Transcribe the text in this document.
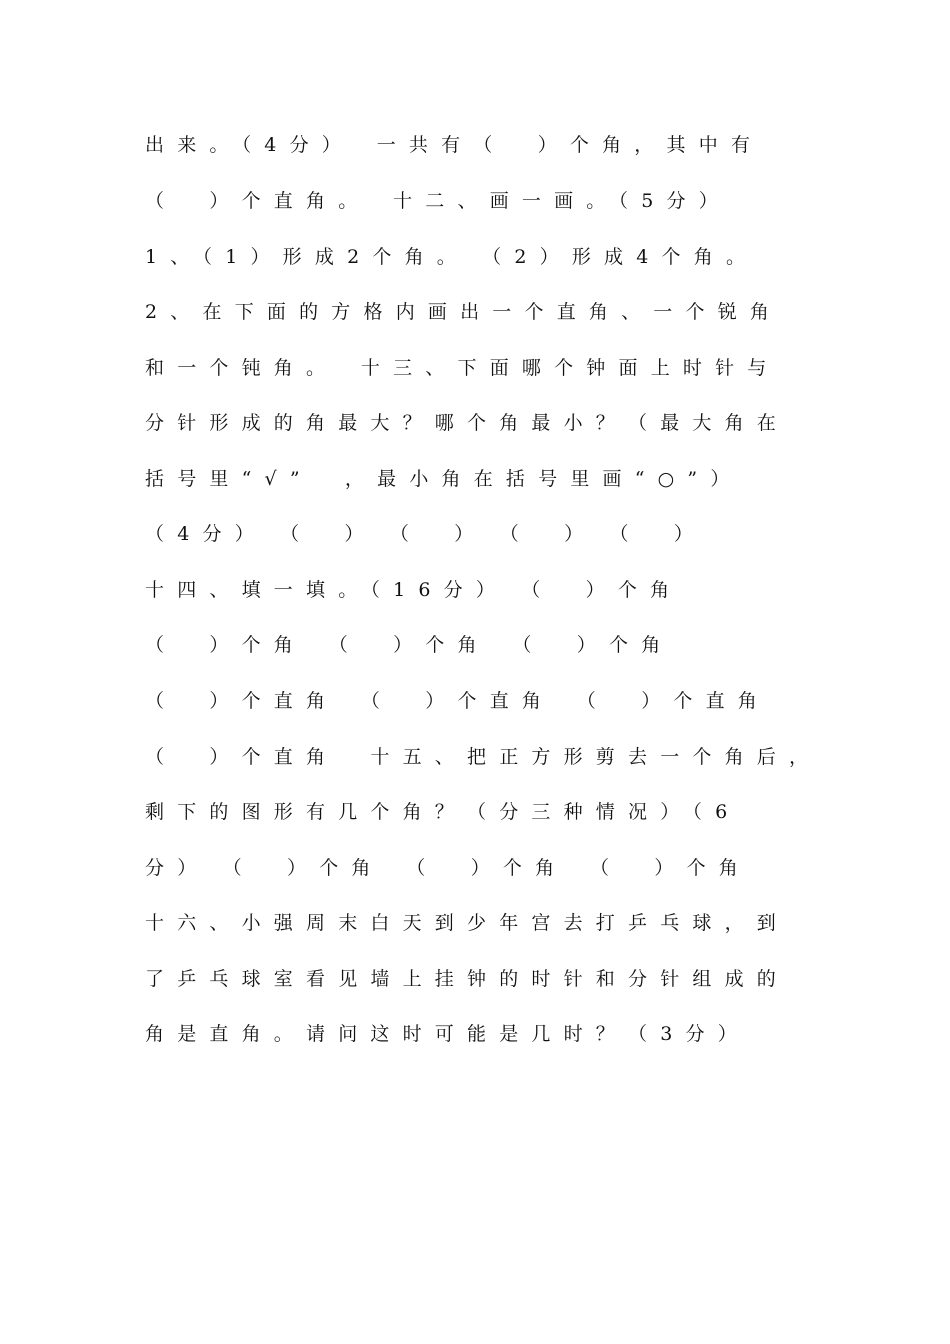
出来。（4分）　一共有（　）个角，其中有
（　）个直角。　十二、画一画。（5分）
1、（1）形成2个角。　（2）形成4个角。
2、在下面的方格内画出一个直角、一个锐角
和一个钝角。　十三、下面哪个钟面上时针与
分针形成的角最大？哪个角最小？（最大角在
括号里“√”　，最小角在括号里画“○”）
（4分）　（　）　（　）　（　）　（　）
十四、填一填。（16分）　（　）个角
（　）个角　（　）个角　（　）个角
（　）个直角　（　）个直角　（　）个直角
（　）个直角　十五、把正方形剪去一个角后，
剩下的图形有几个角？（分三种情况）（6
分）　（　）个角　（　）个角　（　）个角
十六、小强周末白天到少年宫去打乒乓球，到
了乒乓球室看见墙上挂钟的时针和分针组成的
角是直角。请问这时可能是几时？（3分）
